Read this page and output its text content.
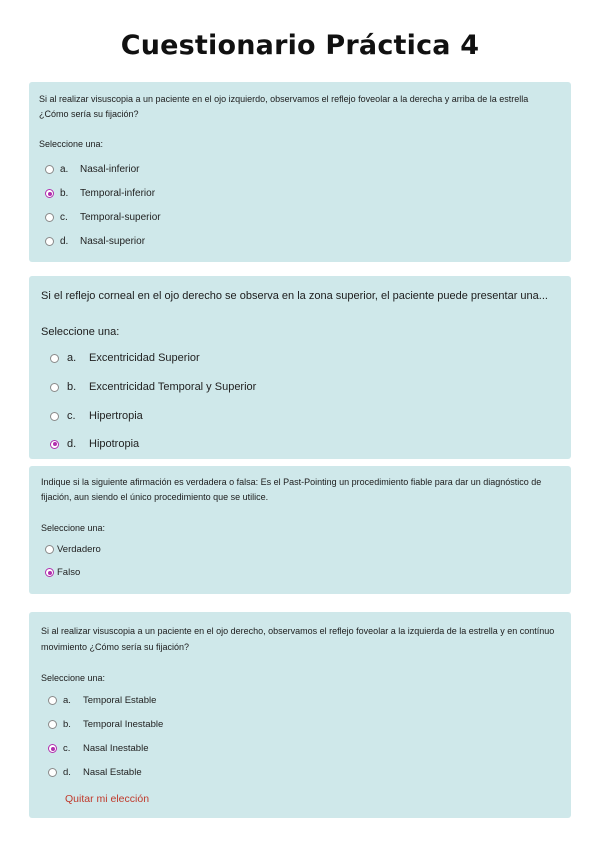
Cuestionario Práctica 4
Si al realizar visuscopia a un paciente en el ojo izquierdo, observamos el reflejo foveolar a la derecha y arriba de la estrella ¿Cómo sería su fijación?
Seleccione una:
a.	Nasal-inferior
b.	Temporal-inferior
c.	Temporal-superior
d.	Nasal-superior
Si el reflejo corneal en el ojo derecho se observa en la zona superior, el paciente puede presentar una...
Seleccione una:
a.	Excentricidad Superior
b.	Excentricidad Temporal y Superior
c.	Hipertropia
d.	Hipotropia
Indique si la siguiente afirmación es verdadera o falsa: Es el Past-Pointing un procedimiento fiable para dar un diagnóstico de fijación, aun siendo el único procedimiento que se utilice.
Seleccione una:
Verdadero
Falso
Si al realizar visuscopia a un paciente en el ojo derecho, observamos el reflejo foveolar a la izquierda de la estrella y en contínuo movimiento ¿Cómo sería su fijación?
Seleccione una:
a.	Temporal Estable
b.	Temporal Inestable
c.	Nasal Inestable
d.	Nasal Estable
Quitar mi elección
